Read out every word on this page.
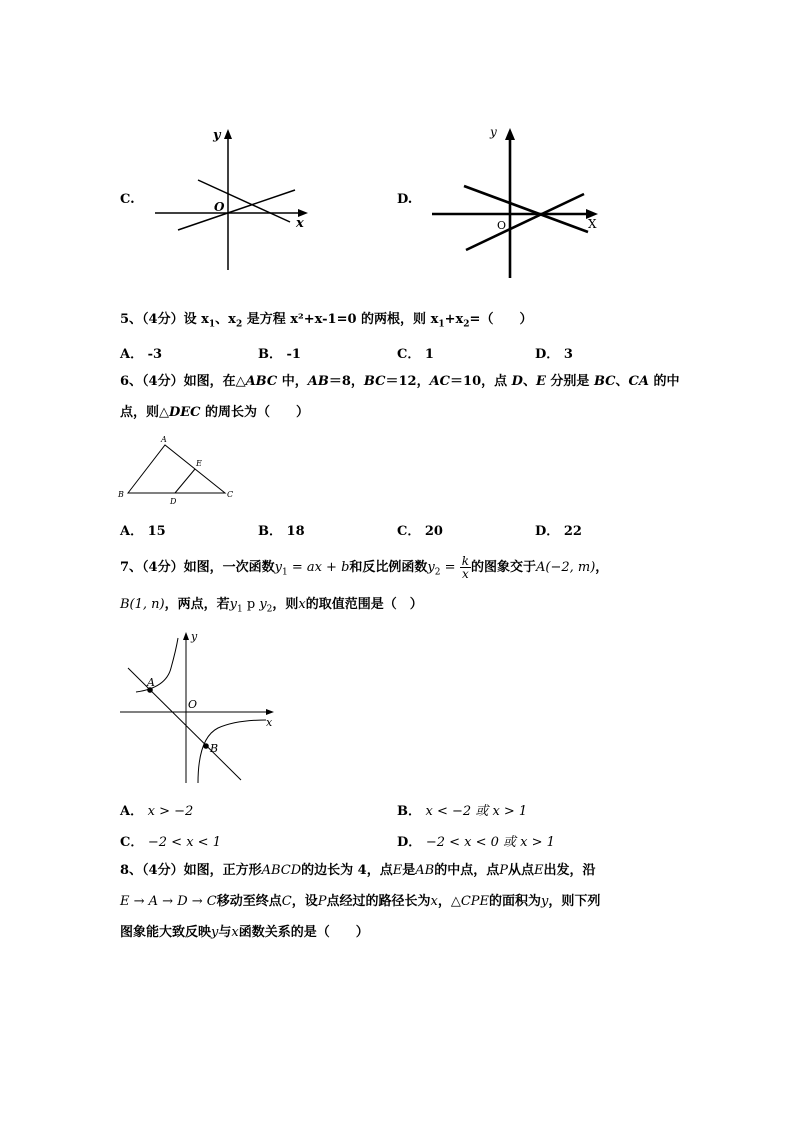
C.
y
x
O	D.
y
X
O
5、（4分）设 $x_1$、$x_2$ 是方程 x²+x-1=0 的两根，则 $x_1+x_2=$（　　）
A． -3	B． -1	C． 1	D． 3
6、（4分）如图，在△ABC 中，AB＝8，BC＝12，AC＝10，点 D、E 分别是 BC、CA 的中
点，则△DEC 的周长为（　　）
A
B	C
D
E
A． 15	B． 18	C． 20	D． 22
7、（4分）如图，一次函数$y_1$ = ax + b和反比例函数$y_2 = \frac{k}{x}$ 的图象交于A(−2, m)，
B(1, n)，两点，若$y_1$ p $y_2$，则x的取值范围是（　）
y
x
O
A
B
A． x > −2	B． x < −2 或 x > 1
C． −2 < x < 1	D． −2 < x < 0 或 x > 1
8、（4分）如图，正方形ABCD的边长为 4，点E是AB的中点，点P从点E出发，沿
E → A → D → C移动至终点C，设P点经过的路径长为x，△CPE的面积为y，则下列
图象能大致反映y与x函数关系的是（　　）
